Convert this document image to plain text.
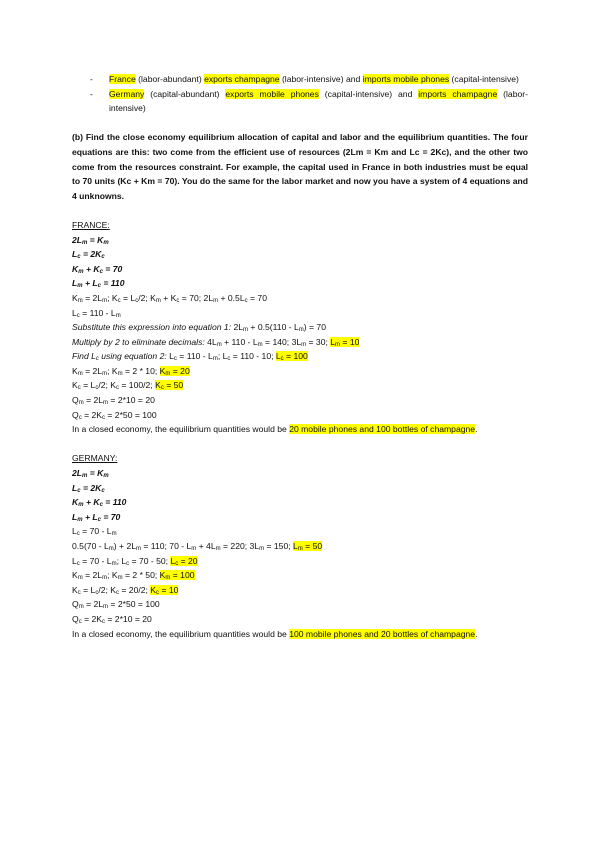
- France (labor-abundant) exports champagne (labor-intensive) and imports mobile phones (capital-intensive)
- Germany (capital-abundant) exports mobile phones (capital-intensive) and imports champagne (labor-intensive)
(b) Find the close economy equilibrium allocation of capital and labor and the equilibrium quantities. The four equations are this: two come from the efficient use of resources (2Lm = Km and Lc = 2Kc), and the other two come from the resources constraint. For example, the capital used in France in both industries must be equal to 70 units (Kc + Km = 70). You do the same for the labor market and now you have a system of 4 equations and 4 unknowns.
FRANCE:
$2L_m = K_m$
$L_c = 2K_c$
$K_m + K_c = 70$
$L_m + L_c = 110$
$K_m = 2L_m$; $K_c = L_c/2$; $K_m + K_c = 70$; $2L_m + 0.5L_c = 70$
$L_c = 110 - L_m$
Substitute this expression into equation 1: $2L_m + 0.5(110 - L_m) = 70$
Multiply by 2 to eliminate decimals: $4L_m + 110 - L_m = 140$; $3L_m = 30$; $L_m = 10$
Find $L_c$ using equation 2: $L_c = 110 - L_m$; $L_c = 110 - 10$; $L_c = 100$
$K_m = 2L_m$; $K_m = 2 * 10$; $K_m = 20$
$K_c = L_c/2$; $K_c = 100/2$; $K_c = 50$
$Q_m = 2L_m = 2*10 = 20$
$Q_c = 2K_c = 2*50 = 100$
In a closed economy, the equilibrium quantities would be 20 mobile phones and 100 bottles of champagne.
GERMANY:
$2L_m = K_m$
$L_c = 2K_c$
$K_m + K_c = 110$
$L_m + L_c = 70$
$L_c = 70 - L_m$
$0.5(70 - L_m) + 2L_m = 110$; $70 - L_m + 4L_m = 220$; $3L_m = 150$; $L_m = 50$
$L_c = 70 - L_m$; $L_c = 70 - 50$; $L_c = 20$
$K_m = 2L_m$; $K_m = 2 * 50$; $K_m = 100$
$K_c = L_c/2$; $K_c = 20/2$; $K_c = 10$
$Q_m = 2L_m = 2*50 = 100$
$Q_c = 2K_c = 2*10 = 20$
In a closed economy, the equilibrium quantities would be 100 mobile phones and 20 bottles of champagne.
